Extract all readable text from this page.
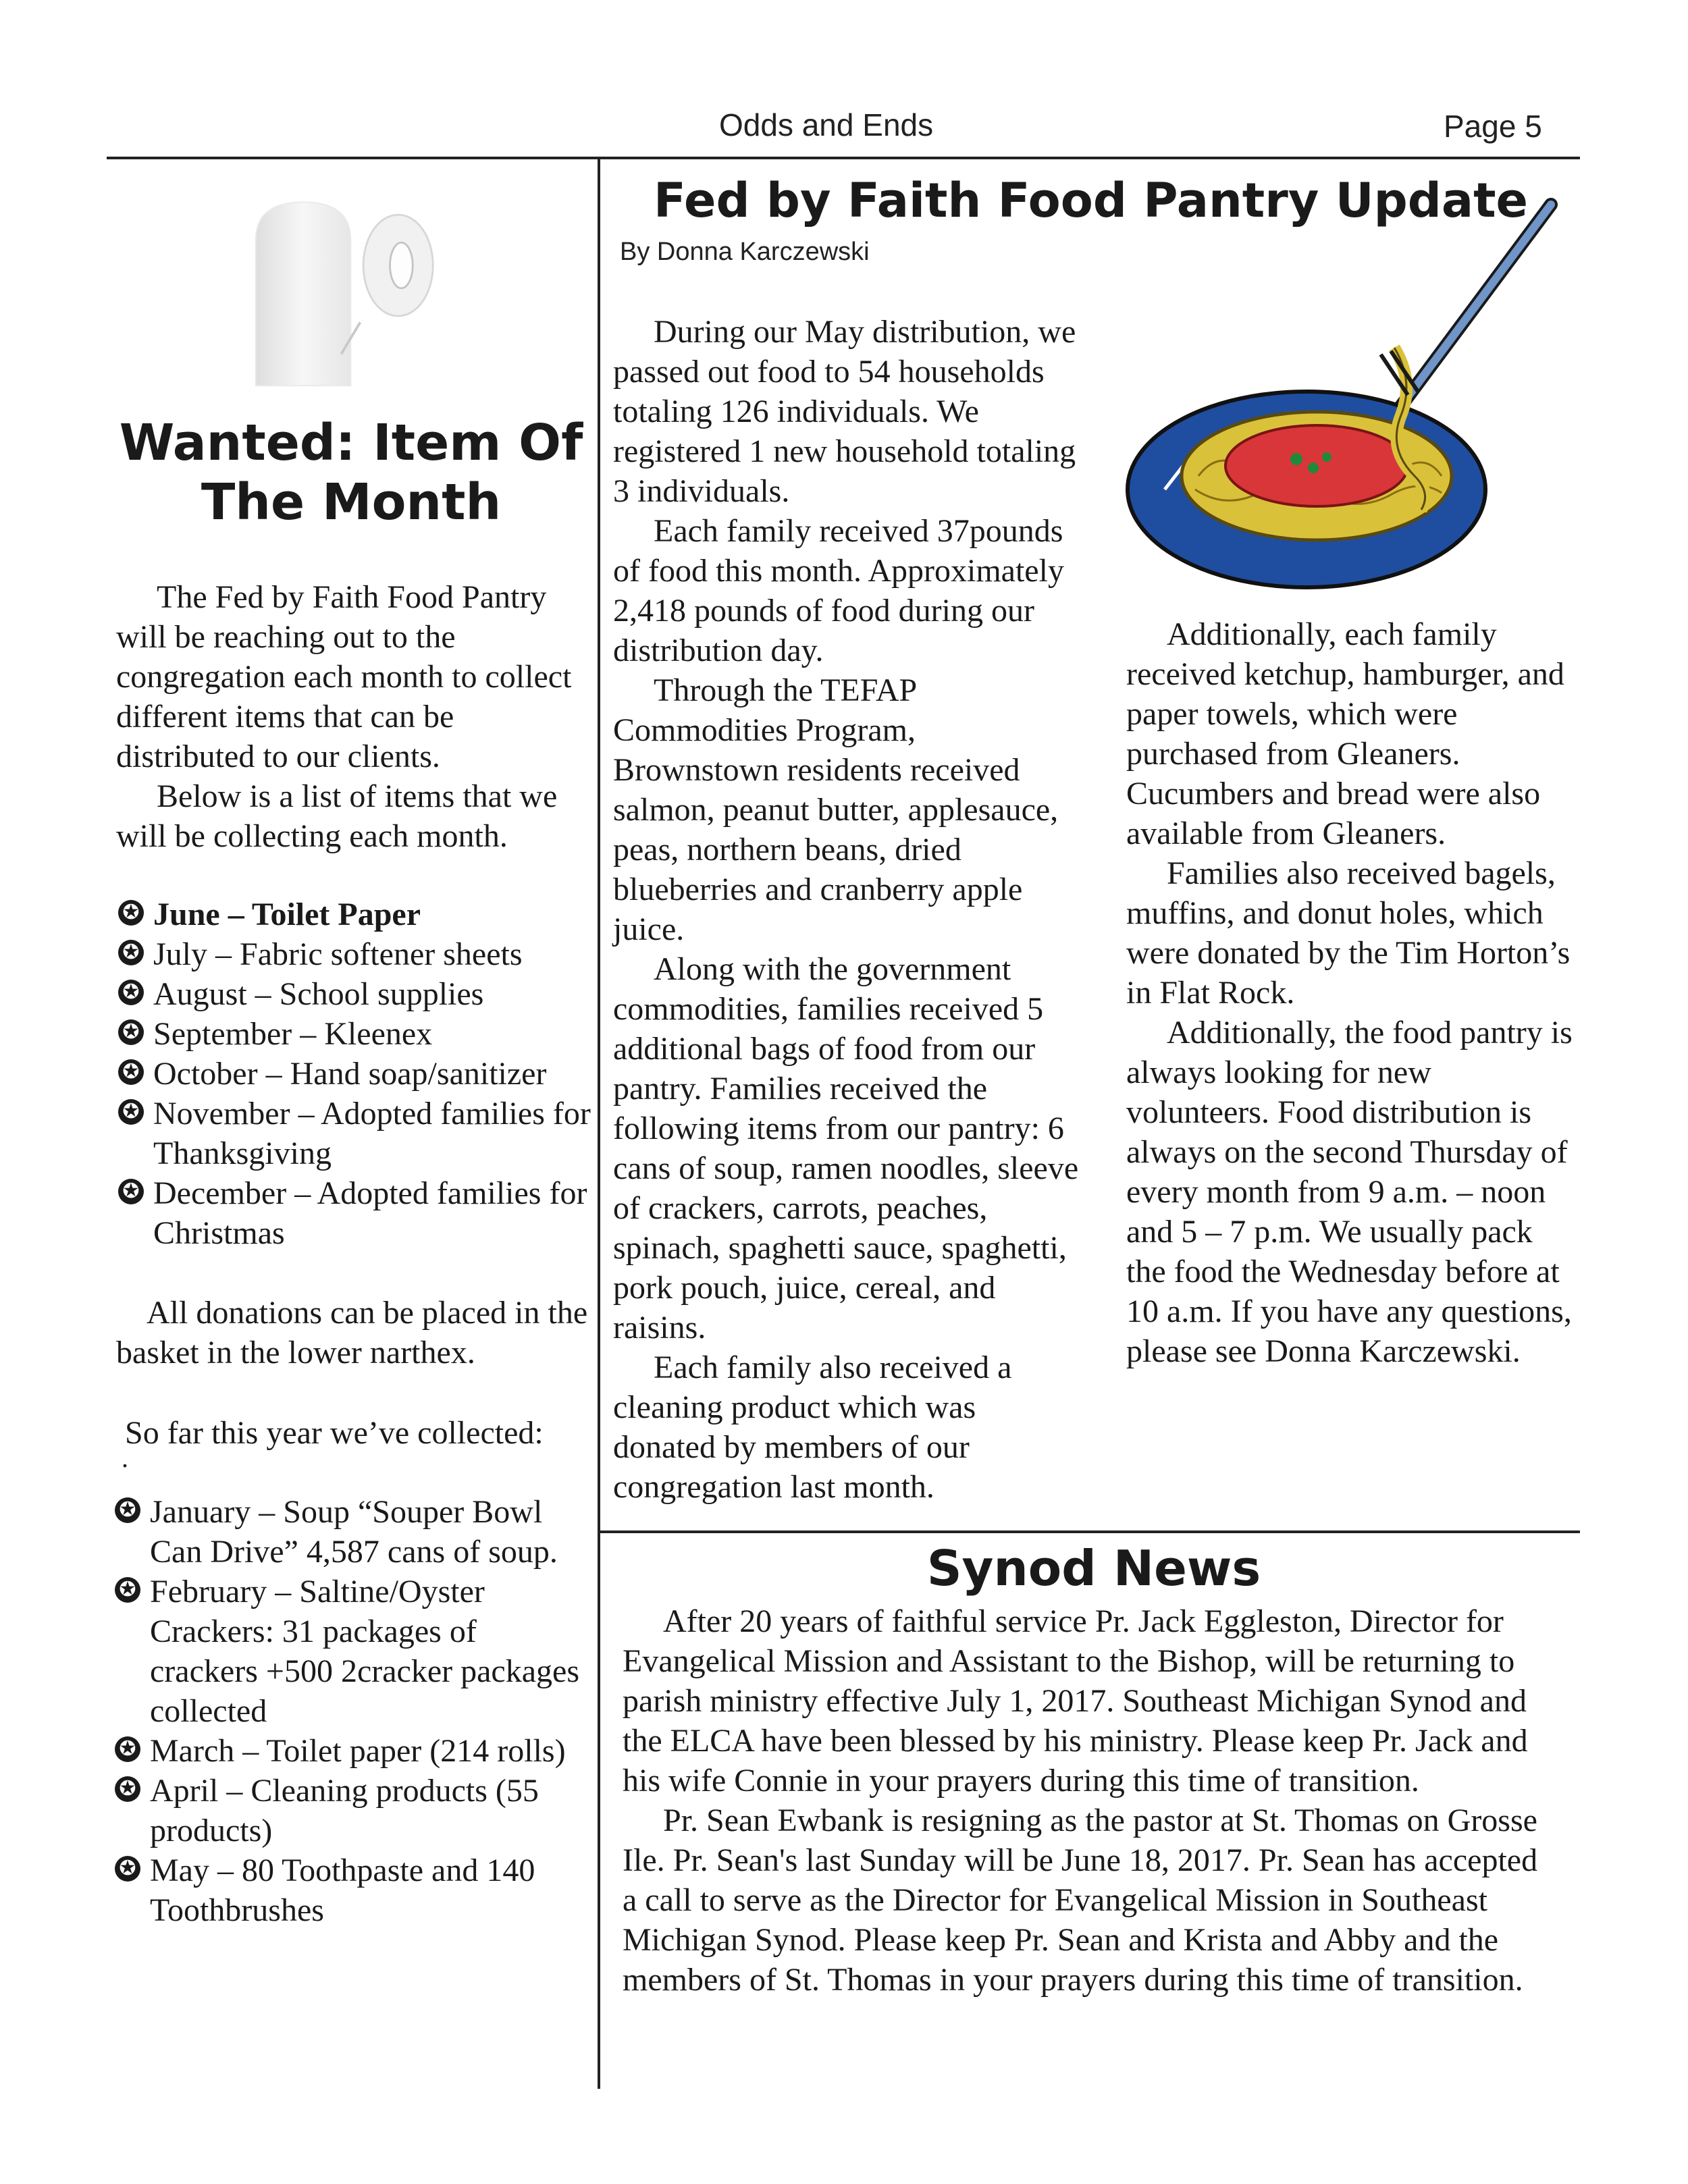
Odds and Ends	Page 5
Wanted: Item Of
The Month

The Fed by Faith Food Pantry will be reaching out to the congregation each month to collect different items that can be distributed to our clients.

Below is a list of items that we will be collecting each month.

✪ June – Toilet Paper
✪ July – Fabric softener sheets
✪ August – School supplies
✪ September – Kleenex
✪ October – Hand soap/sanitizer
✪ November – Adopted families for Thanksgiving
✪ December – Adopted families for Christmas

All donations can be placed in the basket in the lower narthex.

So far this year we’ve collected:
.
✪ January – Soup “Souper Bowl Can Drive” 4,587 cans of soup.
✪ February – Saltine/Oyster Crackers: 31 packages of crackers +500 2cracker packages collected
✪ March – Toilet paper (214 rolls)
✪ April – Cleaning products (55 products)
✪ May – 80 Toothpaste and 140 Toothbrushes
Fed by Faith Food Pantry Update
By Donna Karczewski

During our May distribution, we passed out food to 54 households totaling 126 individuals. We registered 1 new household totaling 3 individuals.

Each family received 37pounds of food this month. Approximately 2,418 pounds of food during our distribution day.

Through the TEFAP Commodities Program, Brownstown residents received salmon, peanut butter, applesauce, peas, northern beans, dried blueberries and cranberry apple juice.

Along with the government commodities, families received 5 additional bags of food from our pantry. Families received the following items from our pantry: 6 cans of soup, ramen noodles, sleeve of crackers, carrots, peaches, spinach, spaghetti sauce, spaghetti, pork pouch, juice, cereal, and raisins.

Each family also received a cleaning product which was donated by members of our congregation last month.

Additionally, each family received ketchup, hamburger, and paper towels, which were purchased from Gleaners. Cucumbers and bread were also available from Gleaners.

Families also received bagels, muffins, and donut holes, which were donated by the Tim Horton’s in Flat Rock.

Additionally, the food pantry is always looking for new volunteers. Food distribution is always on the second Thursday of every month from 9 a.m. – noon and 5 – 7 p.m. We usually pack the food the Wednesday before at 10 a.m. If you have any questions, please see Donna Karczewski.

Synod News

After 20 years of faithful service Pr. Jack Eggleston, Director for Evangelical Mission and Assistant to the Bishop, will be returning to parish ministry effective July 1, 2017. Southeast Michigan Synod and the ELCA have been blessed by his ministry. Please keep Pr. Jack and his wife Connie in your prayers during this time of transition.

Pr. Sean Ewbank is resigning as the pastor at St. Thomas on Grosse Ile. Pr. Sean's last Sunday will be June 18, 2017. Pr. Sean has accepted a call to serve as the Director for Evangelical Mission in Southeast Michigan Synod. Please keep Pr. Sean and Krista and Abby and the members of St. Thomas in your prayers during this time of transition.
